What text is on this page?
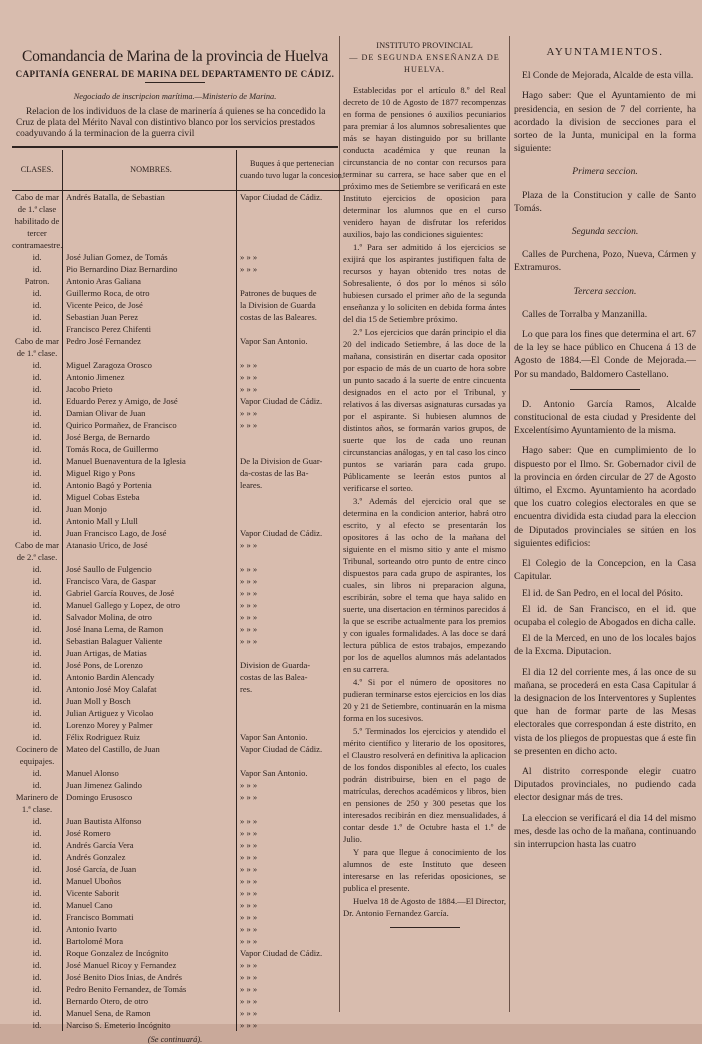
Comandancia de Marina de la provincia de Huelva
CAPITANÍA GENERAL DE MARINA DEL DEPARTAMENTO DE CÁDIZ.
Negociado de inscripcion marítima.—Ministerio de Marina.
Relacion de los individuos de la clase de marinería á quienes se ha concedido la Cruz de plata del Mérito Naval con distintivo blanco por los servicios prestados coadyuvando á la terminacion de la guerra civil
CLASES.	NOMBRES.	Buques á que pertenecian cuando tuvo lugar la concesion.
Cabo de mar de 1.ª clase habilitado de tercer contramaestre.	Andrés Batalla, de Sebastian	Vapor Ciudad de Cádiz.
id.	José Julian Gomez, de Tomás	» » »
id.	Pio Bernardino Diaz Bernardino	» » »
Patron.	Antonio Aras Galiana	
id.	Guillermo Roca, de otro	Patrones de buques de
id.	Vicente Peico, de José	la Division de Guarda
id.	Sebastian Juan Perez	costas de las Baleares.
id.	Francisco Perez Chifenti	
Cabo de mar de 1.ª clase.	Pedro José Fernandez	Vapor San Antonio.
id.	Miguel Zaragoza Orosco	» » »
id.	Antonio Jimenez	» » »
id.	Jacobo Prieto	» » »
id.	Eduardo Perez y Amigo, de José	Vapor Ciudad de Cádiz.
id.	Damian Olivar de Juan	» » »
id.	Quirico Pormañez, de Francisco	» » »
id.	José Berga, de Bernardo	
id.	Tomás Roca, de Guillermo	
id.	Manuel Buenaventura de la Iglesia	De la Division de Guar-
id.	Miguel Rigo y Pons	da-costas de las Ba-
id.	Antonio Bagó y Portenia	leares.
id.	Miguel Cobas Esteba	
id.	Juan Monjo	
id.	Antonio Mall y Llull	
id.	Juan Francisco Lago, de José	Vapor Ciudad de Cádiz.
Cabo de mar de 2.ª clase.	Atanasio Urico, de José	» » »
id.	José Saullo de Fulgencio	» » »
id.	Francisco Vara, de Gaspar	» » »
id.	Gabriel García Rouves, de José	» » »
id.	Manuel Gallego y Lopez, de otro	» » »
id.	Salvador Molina, de otro	» » »
id.	José Inana Lema, de Ramon	» » »
id.	Sebastian Balaguer Valiente	» » »
id.	Juan Artigas, de Matias	
id.	José Pons, de Lorenzo	Division de Guarda-
id.	Antonio Bardin Alencady	costas de las Balea-
id.	Antonio José Moy Calafat	res.
id.	Juan Moll y Bosch	
id.	Julian Artiguez y Vicolao	
id.	Lorenzo Morey y Palmer	
id.	Félix Rodriguez Ruiz	Vapor San Antonio.
Cocinero de equipajes.	Mateo del Castillo, de Juan	Vapor Ciudad de Cádiz.
id.	Manuel Alonso	Vapor San Antonio.
id.	Juan Jimenez Galindo	» » »
Marinero de 1.ª clase.	Domingo Erusosco	» » »
id.	Juan Bautista Alfonso	» » »
id.	José Romero	» » »
id.	Andrés García Vera	» » »
id.	Andrés Gonzalez	» » »
id.	José García, de Juan	» » »
id.	Manuel Uboños	» » »
id.	Vicente Saborit	» » »
id.	Manuel Cano	» » »
id.	Francisco Bommati	» » »
id.	Antonio Ivarto	» » »
id.	Bartolomé Mora	» » »
id.	Roque Gonzalez de Incógnito	Vapor Ciudad de Cádiz.
id.	José Manuel Ricoy y Fernandez	» » »
id.	José Benito Dios Inias, de Andrés	» » »
id.	Pedro Benito Fernandez, de Tomás	» » »
id.	Bernardo Otero, de otro	» » »
id.	Manuel Sena, de Ramon	» » »
id.	Narciso S. Emeterio Incógnito	» » »
(Se continuará).
INSTITUTO PROVINCIAL
— DE SEGUNDA ENSEÑANZA DE HUELVA.

Establecidas por el artículo 8.º del Real decreto de 10 de Agosto de 1877 recompenzas en forma de pensiones ó auxilios pecuniarios para premiar á los alumnos sobresalientes que más se hayan distinguido por su brillante conducta académica y que reunan la circunstancia de no contar con recursos para terminar su carrera, se hace saber que en el próximo mes de Setiembre se verificará en este Instituto ejercicios de oposicion para determinar los alumnos que en el curso venidero hayan de disfrutar los referidos auxilios, bajo las condiciones siguientes:

1.º Para ser admitido á los ejercicios se exijirá que los aspirantes justifiquen falta de recursos y hayan obtenido tres notas de Sobresaliente, ó dos por lo ménos si sólo hubiesen cursado el primer año de la segunda enseñanza y lo soliciten en debida forma ántes del dia 15 de Setiembre próximo.

2.º Los ejercicios que darán principio el dia 20 del indicado Setiembre, á las doce de la mañana, consistirán en disertar cada opositor por espacio de más de un cuarto de hora sobre un punto sacado á la suerte de entre cincuenta designados en el acto por el Tribunal, y relativos á las diversas asignaturas cursadas ya por el aspirante. Si hubiesen alumnos de distintos años, se formarán varios grupos, de suerte que los de cada uno reunan circunstancias análogas, y en tal caso los cinco puntos se variarán para cada grupo. Públicamente se leerán estos puntos al verificarse el sorteo.

3.º Además del ejercicio oral que se determina en la condicion anterior, habrá otro escrito, y al efecto se presentarán los opositores á las ocho de la mañana del siguiente en el mismo sitio y ante el mismo Tribunal, sorteando otro punto de entre cinco dispuestos para cada grupo de aspirantes, los cuales, sin libros ni preparacion alguna, escribirán, sobre el tema que haya salido en suerte, una disertacion en términos parecidos á la que se escribe actualmente para los premios y con iguales formalidades. A las doce se dará lectura pública de estos trabajos, empezando por los de aquellos alumnos más adelantados en su carrera.

4.º Si por el número de opositores no pudieran terminarse estos ejercicios en los dias 20 y 21 de Setiembre, continuarán en la misma forma en los sucesivos.

5.º Terminados los ejercicios y atendido el mérito científico y literario de los opositores, el Claustro resolverá en definitiva la aplicacion de los fondos disponibles al efecto, los cuales podrán distribuirse, bien en el pago de matrículas, derechos académicos y libros, bien en pensiones de 250 y 300 pesetas que los interesados recibirán en diez mensualidades, á contar desde 1.º de Octubre hasta el 1.º de Julio.

Y para que llegue á conocimiento de los alumnos de este Instituto que deseen interesarse en las referidas oposiciones, se publica el presente.

Huelva 18 de Agosto de 1884.—El Director, Dr. Antonio Fernandez García.

AYUNTAMIENTOS.

El Conde de Mejorada, Alcalde de esta villa.

Hago saber: Que el Ayuntamiento de mi presidencia, en sesion de 7 del corriente, ha acordado la division de secciones para el sorteo de la Junta, municipal en la forma siguiente:

Primera seccion.

Plaza de la Constitucion y calle de Santo Tomás.

Segunda seccion.

Calles de Purchena, Pozo, Nueva, Cármen y Extramuros.

Tercera seccion.

Calles de Torralba y Manzanilla.

Lo que para los fines que determina el art. 67 de la ley se hace público en Chucena á 13 de Agosto de 1884.—El Conde de Mejorada.—Por su mandado, Baldomero Castellano.

D. Antonio García Ramos, Alcalde constitucional de esta ciudad y Presidente del Excelentísimo Ayuntamiento de la misma.

Hago saber: Que en cumplimiento de lo dispuesto por el Ilmo. Sr. Gobernador civil de la provincia en órden circular de 27 de Agosto último, el Excmo. Ayuntamiento ha acordado que los cuatro colegios electorales en que se encuentra dividida esta ciudad para la eleccion de Diputados provinciales se sitúen en los siguientes edificios:

El Colegio de la Concepcion, en la Casa Capitular.

El id. de San Pedro, en el local del Pósito.

El id. de San Francisco, en el id. que ocupaba el colegio de Abogados en dicha calle.

El de la Merced, en uno de los locales bajos de la Excma. Diputacion.

El dia 12 del corriente mes, á las once de su mañana, se procederá en esta Casa Capitular á la designacion de los Interventores y Suplentes que han de formar parte de las Mesas electorales que correspondan á este distrito, en vista de los pliegos de propuestas que á este fin se presenten en dicho acto.

Al distrito corresponde elegir cuatro Diputados provinciales, no pudiendo cada elector designar más de tres.

La eleccion se verificará el dia 14 del mismo mes, desde las ocho de la mañana, continuando sin interrupcion hasta las cuatro
